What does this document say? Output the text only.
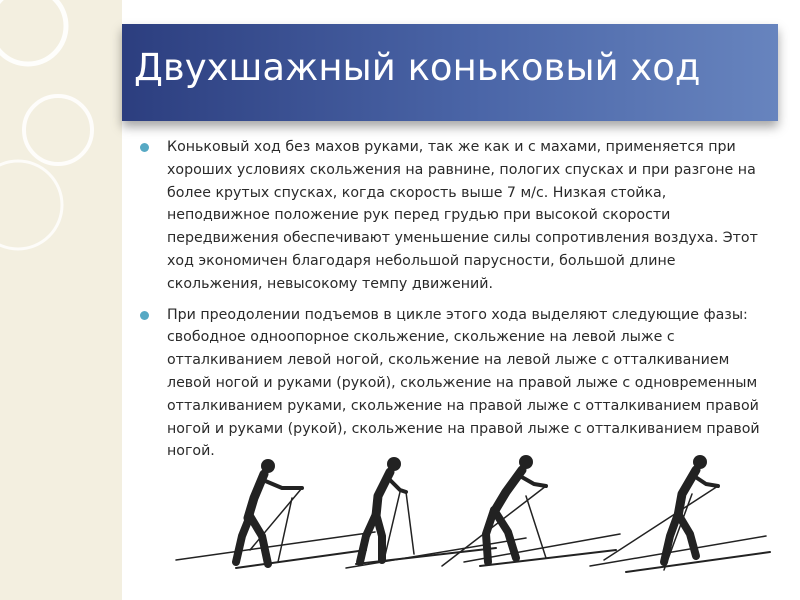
Двухшажный коньковый ход
Коньковый ход без махов руками, так же как и с махами, применяется при хороших условиях скольжения на равнине, пологих спусках и при разгоне на более крутых спусках, когда скорость выше 7 м/с. Низкая стойка, неподвижное положение рук перед грудью при высокой скорости передвижения обеспечивают уменьшение силы сопротивления воздуха. Этот ход экономичен благодаря небольшой парусности, большой длине скольжения, невысокому темпу движений.
При преодолении подъемов в цикле этого хода выделяют следующие фазы: свободное одноопорное скольжение, скольжение на левой лыже с отталкиванием левой ногой, скольжение на левой лыже с отталкиванием левой ногой и руками (рукой), скольжение на правой лыже с одновременным отталкиванием руками, скольжение на правой лыже с отталкиванием правой ногой и руками (рукой), скольжение на правой лыже с отталкиванием правой ногой.
